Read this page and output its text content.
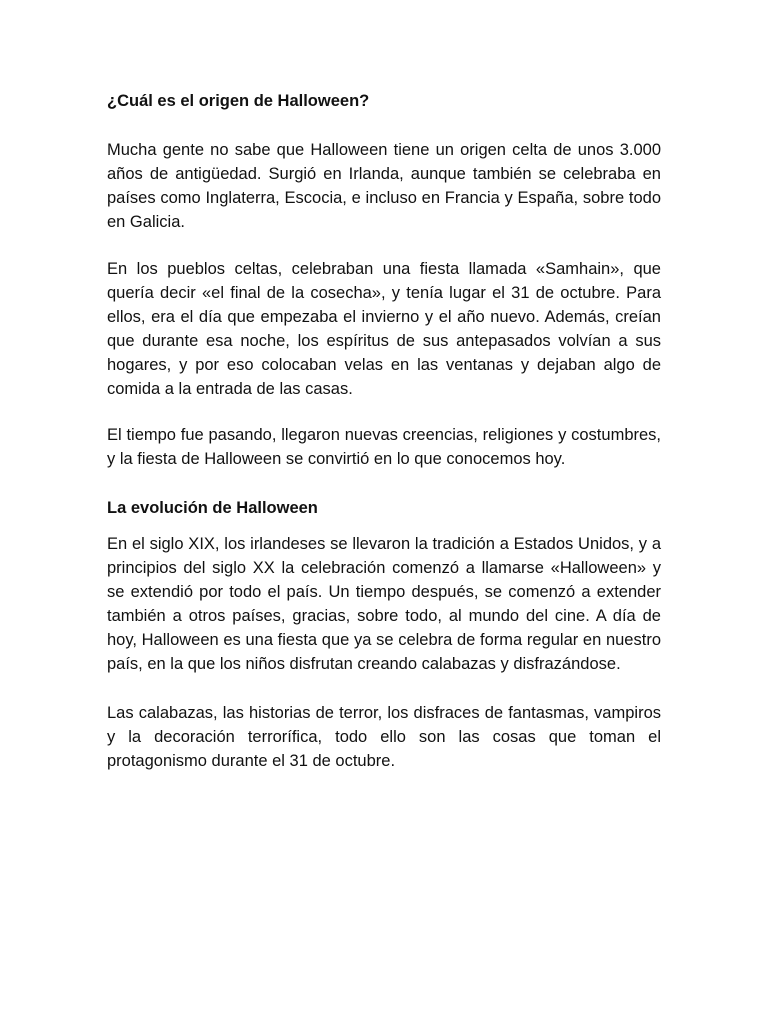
¿Cuál es el origen de Halloween?

Mucha gente no sabe que Halloween tiene un origen celta de unos 3.000 años de antigüedad. Surgió en Irlanda, aunque también se celebraba en países como Inglaterra, Escocia, e incluso en Francia y España, sobre todo en Galicia.

En los pueblos celtas, celebraban una fiesta llamada «Samhain», que quería decir «el final de la cosecha», y tenía lugar el 31 de octubre. Para ellos, era el día que empezaba el invierno y el año nuevo. Además, creían que durante esa noche, los espíritus de sus antepasados volvían a sus hogares, y por eso colocaban velas en las ventanas y dejaban algo de comida a la entrada de las casas.

El tiempo fue pasando, llegaron nuevas creencias, religiones y costumbres, y la fiesta de Halloween se convirtió en lo que conocemos hoy.

La evolución de Halloween

En el siglo XIX, los irlandeses se llevaron la tradición a Estados Unidos, y a principios del siglo XX la celebración comenzó a llamarse «Halloween» y se extendió por todo el país. Un tiempo después, se comenzó a extender también a otros países, gracias, sobre todo, al mundo del cine. A día de hoy, Halloween es una fiesta que ya se celebra de forma regular en nuestro país, en la que los niños disfrutan creando calabazas y disfrazándose.

Las calabazas, las historias de terror, los disfraces de fantasmas, vampiros y la decoración terrorífica, todo ello son las cosas que toman el protagonismo durante el 31 de octubre.
